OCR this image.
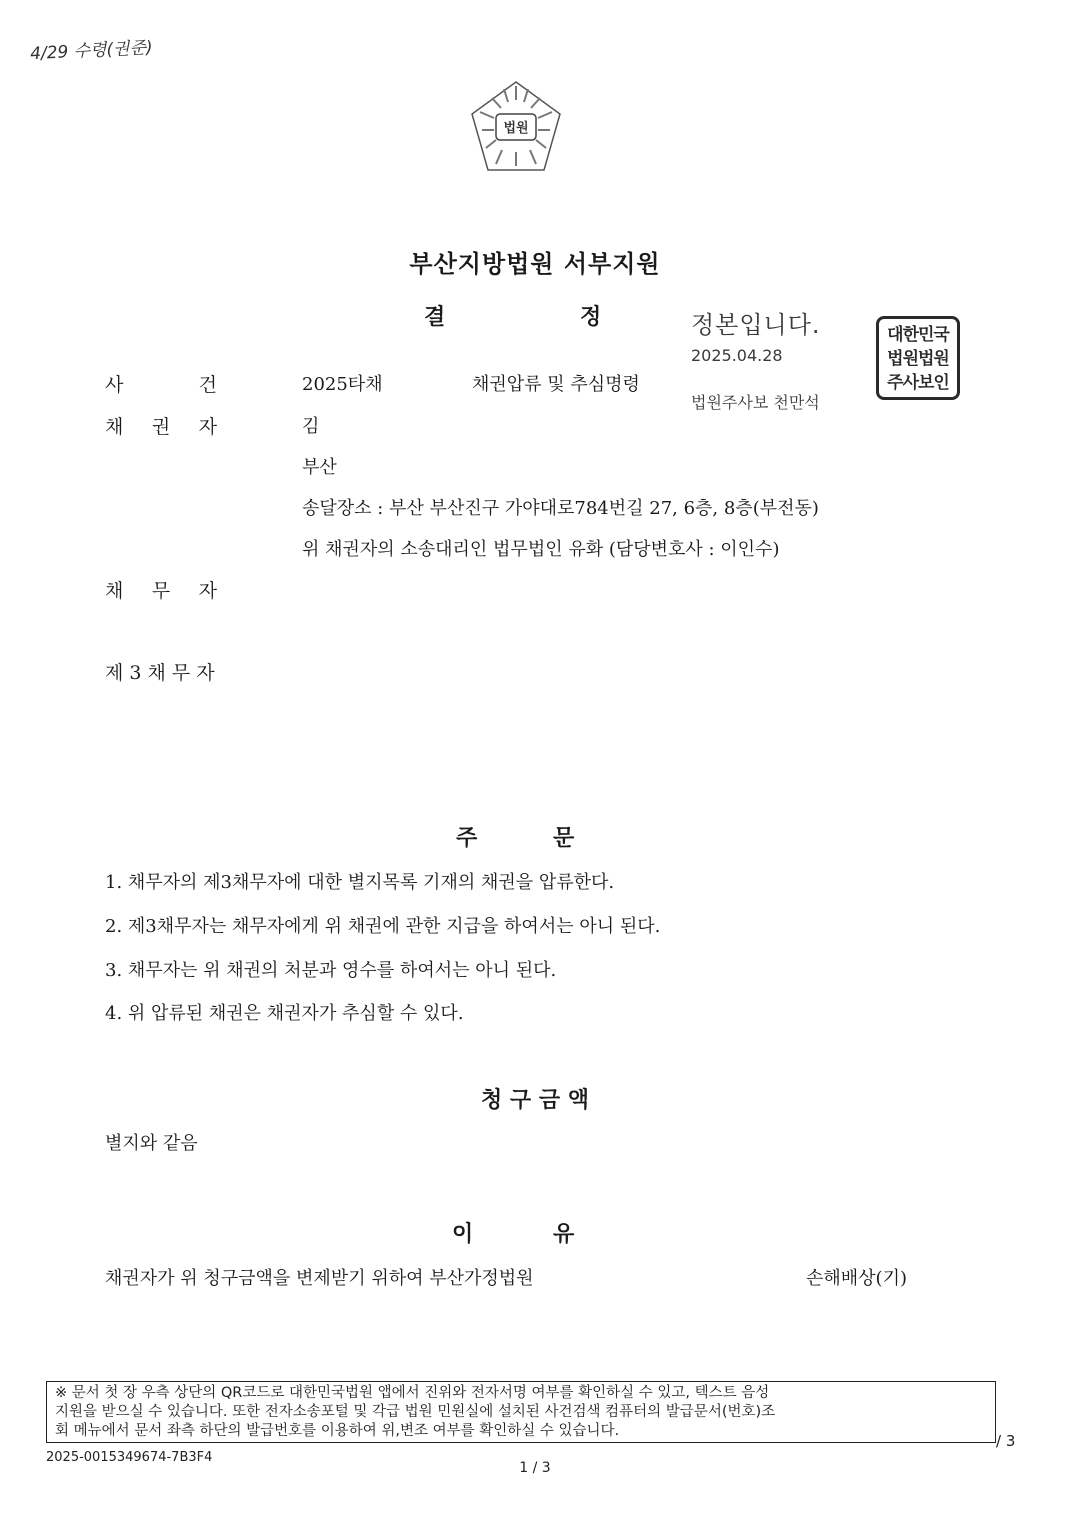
4/29 수령(권준)
법원
부산지방법원 서부지원
결	정	정본입니다.
2025.04.28
법원주사보 천만석
대한민국
법원법원
주사보인
사	건	2025타채	채권압류 및 추심명령
채 권 자	김
부산
송달장소 : 부산 부산진구 가야대로784번길 27, 6층, 8층(부전동)
위 채권자의 소송대리인 법무법인 유화 (담당변호사 : 이인수)
채 무 자
제 3 채 무 자
주	문
1. 채무자의 제3채무자에 대한 별지목록 기재의 채권을 압류한다.
2. 제3채무자는 채무자에게 위 채권에 관한 지급을 하여서는 아니 된다.
3. 채무자는 위 채권의 처분과 영수를 하여서는 아니 된다.
4. 위 압류된 채권은 채권자가 추심할 수 있다.
청 구 금 액
별지와 같음
이	유
채권자가 위 청구금액을 변제받기 위하여 부산가정법원	손해배상(기)
※ 문서 첫 장 우측 상단의 QR코드로 대한민국법원 앱에서 진위와 전자서명 여부를 확인하실 수 있고, 텍스트 음성
지원을 받으실 수 있습니다. 또한 전자소송포털 및 각급 법원 민원실에 설치된 사건검색 컴퓨터의 발급문서(번호)조
회 메뉴에서 문서 좌측 하단의 발급번호를 이용하여 위,변조 여부를 확인하실 수 있습니다.
/ 3
2025-0015349674-7B3F4
1 / 3
